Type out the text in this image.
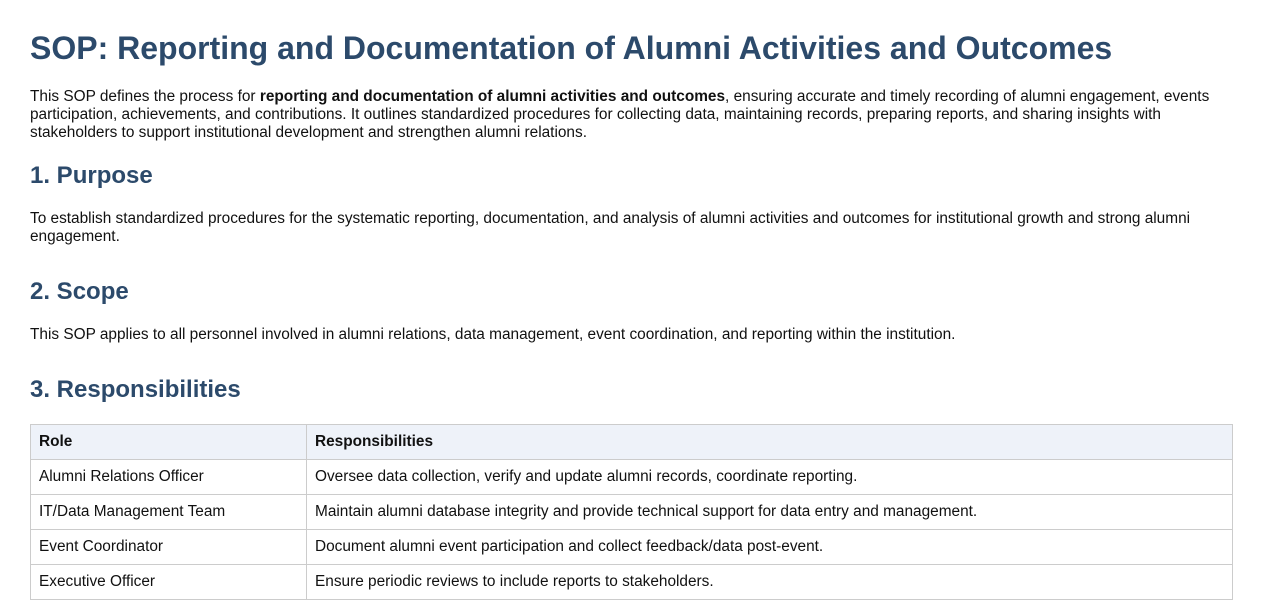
SOP: Reporting and Documentation of Alumni Activities and Outcomes

This SOP defines the process for reporting and documentation of alumni activities and outcomes, ensuring accurate and timely recording of alumni engagement, events participation, achievements, and contributions. It outlines standardized procedures for collecting data, maintaining records, preparing reports, and sharing insights with stakeholders to support institutional development and strengthen alumni relations.

1. Purpose

To establish standardized procedures for the systematic reporting, documentation, and analysis of alumni activities and outcomes for institutional growth and strong alumni engagement.

2. Scope

This SOP applies to all personnel involved in alumni relations, data management, event coordination, and reporting within the institution.

3. Responsibilities
Role	Responsibilities
Alumni Relations Officer	Oversee data collection, verify and update alumni records, coordinate reporting.
IT/Data Management Team	Maintain alumni database integrity and provide technical support for data entry and management.
Event Coordinator	Document alumni event participation and collect feedback/data post-event.
Executive Officer	Ensure periodic reviews to include reports to stakeholders.
